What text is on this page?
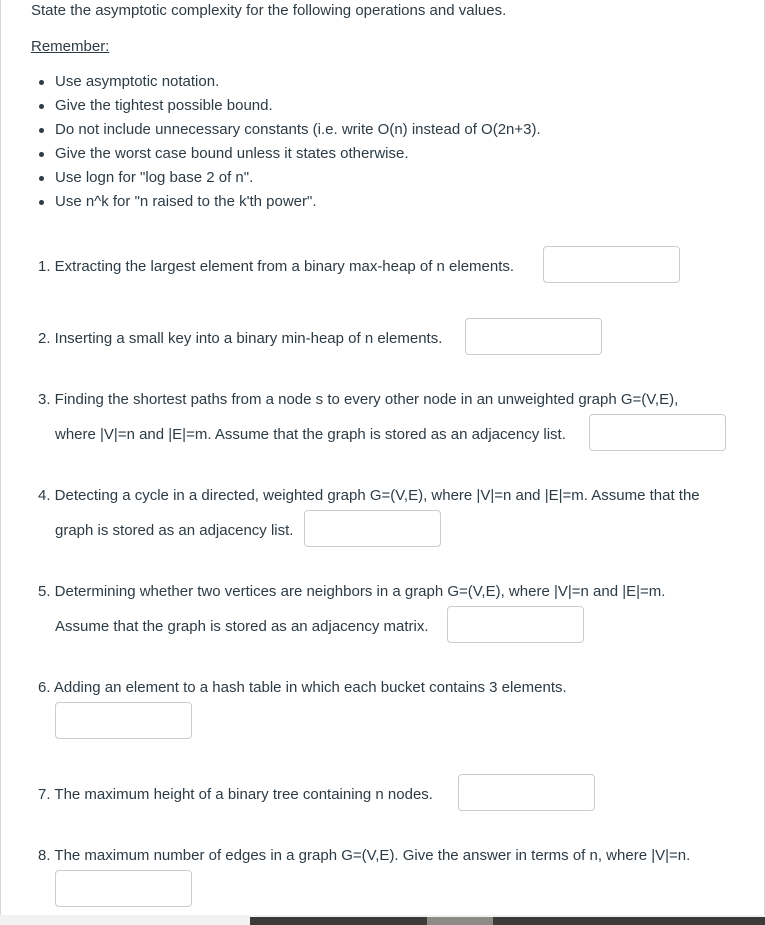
State the asymptotic complexity for the following operations and values.
Remember:
Use asymptotic notation.
Give the tightest possible bound.
Do not include unnecessary constants (i.e. write O(n) instead of O(2n+3).
Give the worst case bound unless it states otherwise.
Use logn for "log base 2 of n".
Use n^k for "n raised to the k'th power".
1. Extracting the largest element from a binary max-heap of n elements.
2. Inserting a small key into a binary min-heap of n elements.
3. Finding the shortest paths from a node s to every other node in an unweighted graph G=(V,E),
where |V|=n and |E|=m. Assume that the graph is stored as an adjacency list.
4. Detecting a cycle in a directed, weighted graph G=(V,E), where |V|=n and |E|=m. Assume that the
graph is stored as an adjacency list.
5. Determining whether two vertices are neighbors in a graph G=(V,E), where |V|=n and |E|=m.
Assume that the graph is stored as an adjacency matrix.
6. Adding an element to a hash table in which each bucket contains 3 elements.
7. The maximum height of a binary tree containing n nodes.
8. The maximum number of edges in a graph G=(V,E). Give the answer in terms of n, where |V|=n.
